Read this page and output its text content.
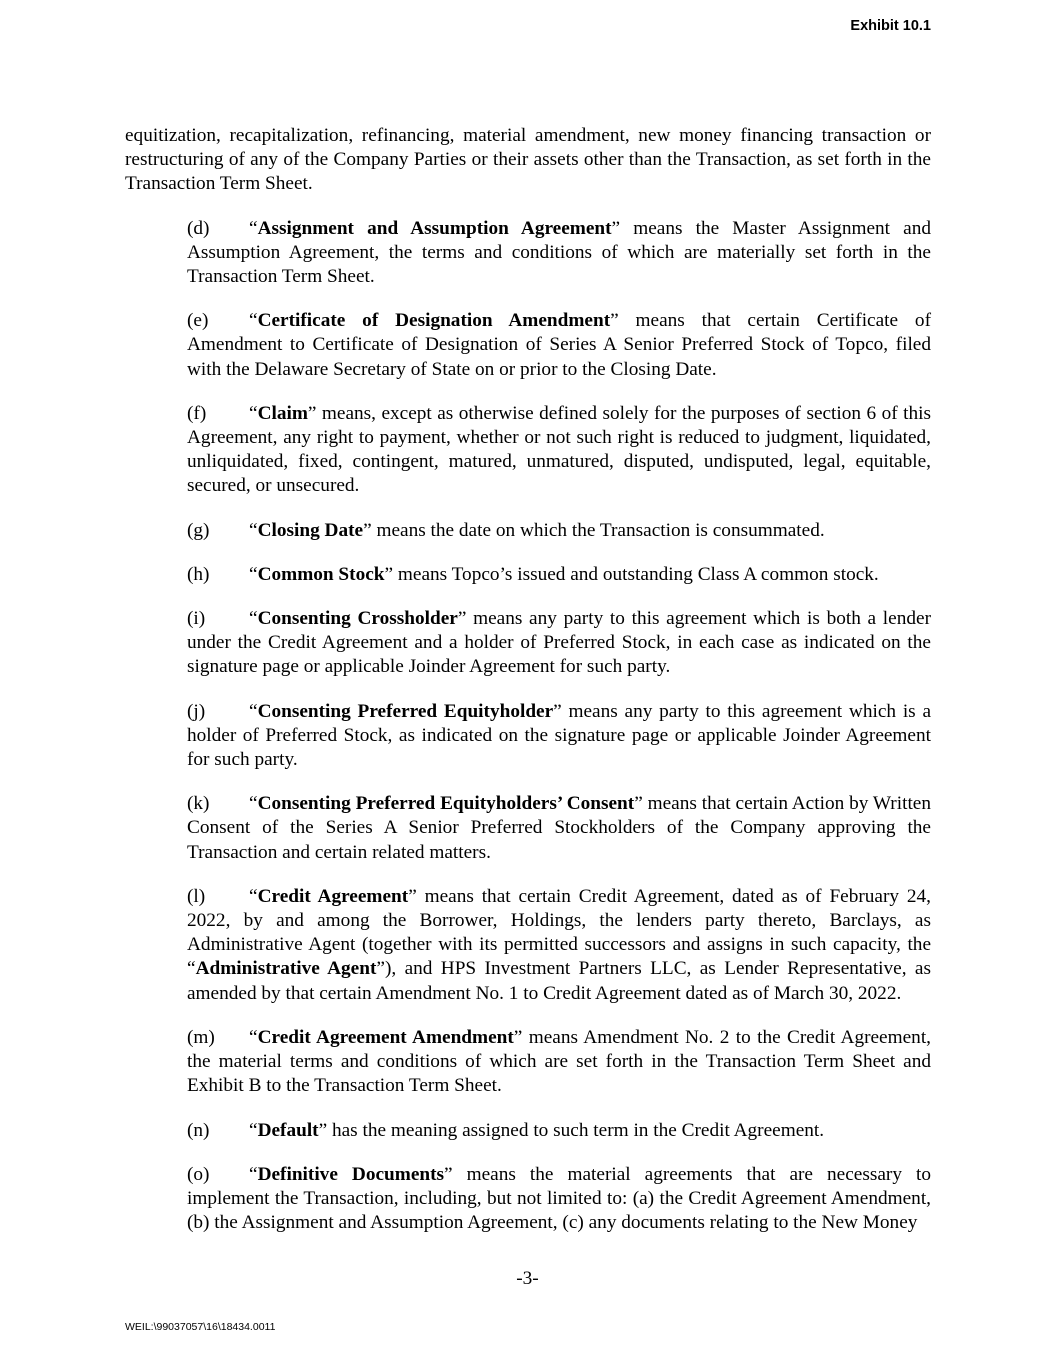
Exhibit 10.1

equitization, recapitalization, refinancing, material amendment, new money financing transaction or restructuring of any of the Company Parties or their assets other than the Transaction, as set forth in the Transaction Term Sheet.

(d) “Assignment and Assumption Agreement” means the Master Assignment and Assumption Agreement, the terms and conditions of which are materially set forth in the Transaction Term Sheet.

(e) “Certificate of Designation Amendment” means that certain Certificate of Amendment to Certificate of Designation of Series A Senior Preferred Stock of Topco, filed with the Delaware Secretary of State on or prior to the Closing Date.

(f) “Claim” means, except as otherwise defined solely for the purposes of section 6 of this Agreement, any right to payment, whether or not such right is reduced to judgment, liquidated, unliquidated, fixed, contingent, matured, unmatured, disputed, undisputed, legal, equitable, secured, or unsecured.

(g) “Closing Date” means the date on which the Transaction is consummated.

(h) “Common Stock” means Topco’s issued and outstanding Class A common stock.

(i) “Consenting Crossholder” means any party to this agreement which is both a lender under the Credit Agreement and a holder of Preferred Stock, in each case as indicated on the signature page or applicable Joinder Agreement for such party.

(j) “Consenting Preferred Equityholder” means any party to this agreement which is a holder of Preferred Stock, as indicated on the signature page or applicable Joinder Agreement for such party.

(k) “Consenting Preferred Equityholders’ Consent” means that certain Action by Written Consent of the Series A Senior Preferred Stockholders of the Company approving the Transaction and certain related matters.

(l) “Credit Agreement” means that certain Credit Agreement, dated as of February 24, 2022, by and among the Borrower, Holdings, the lenders party thereto, Barclays, as Administrative Agent (together with its permitted successors and assigns in such capacity, the “Administrative Agent”), and HPS Investment Partners LLC, as Lender Representative, as amended by that certain Amendment No. 1 to Credit Agreement dated as of March 30, 2022.

(m) “Credit Agreement Amendment” means Amendment No. 2 to the Credit Agreement, the material terms and conditions of which are set forth in the Transaction Term Sheet and Exhibit B to the Transaction Term Sheet.

(n) “Default” has the meaning assigned to such term in the Credit Agreement.

(o) “Definitive Documents” means the material agreements that are necessary to implement the Transaction, including, but not limited to: (a) the Credit Agreement Amendment, (b) the Assignment and Assumption Agreement, (c) any documents relating to the New Money

-3-
WEIL:\99037057\16\18434.0011
